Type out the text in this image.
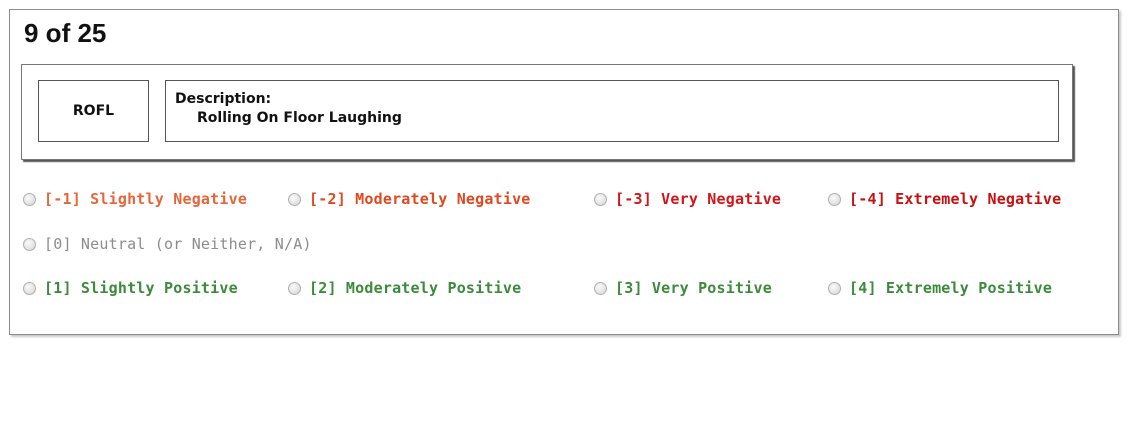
9 of 25
ROFL
Description:
Rolling On Floor Laughing
[-1] Slightly Negative	[-2] Moderately Negative	[-3] Very Negative	[-4] Extremely Negative
[0] Neutral (or Neither, N/A)
[1] Slightly Positive	[2] Moderately Positive	[3] Very Positive	[4] Extremely Positive
